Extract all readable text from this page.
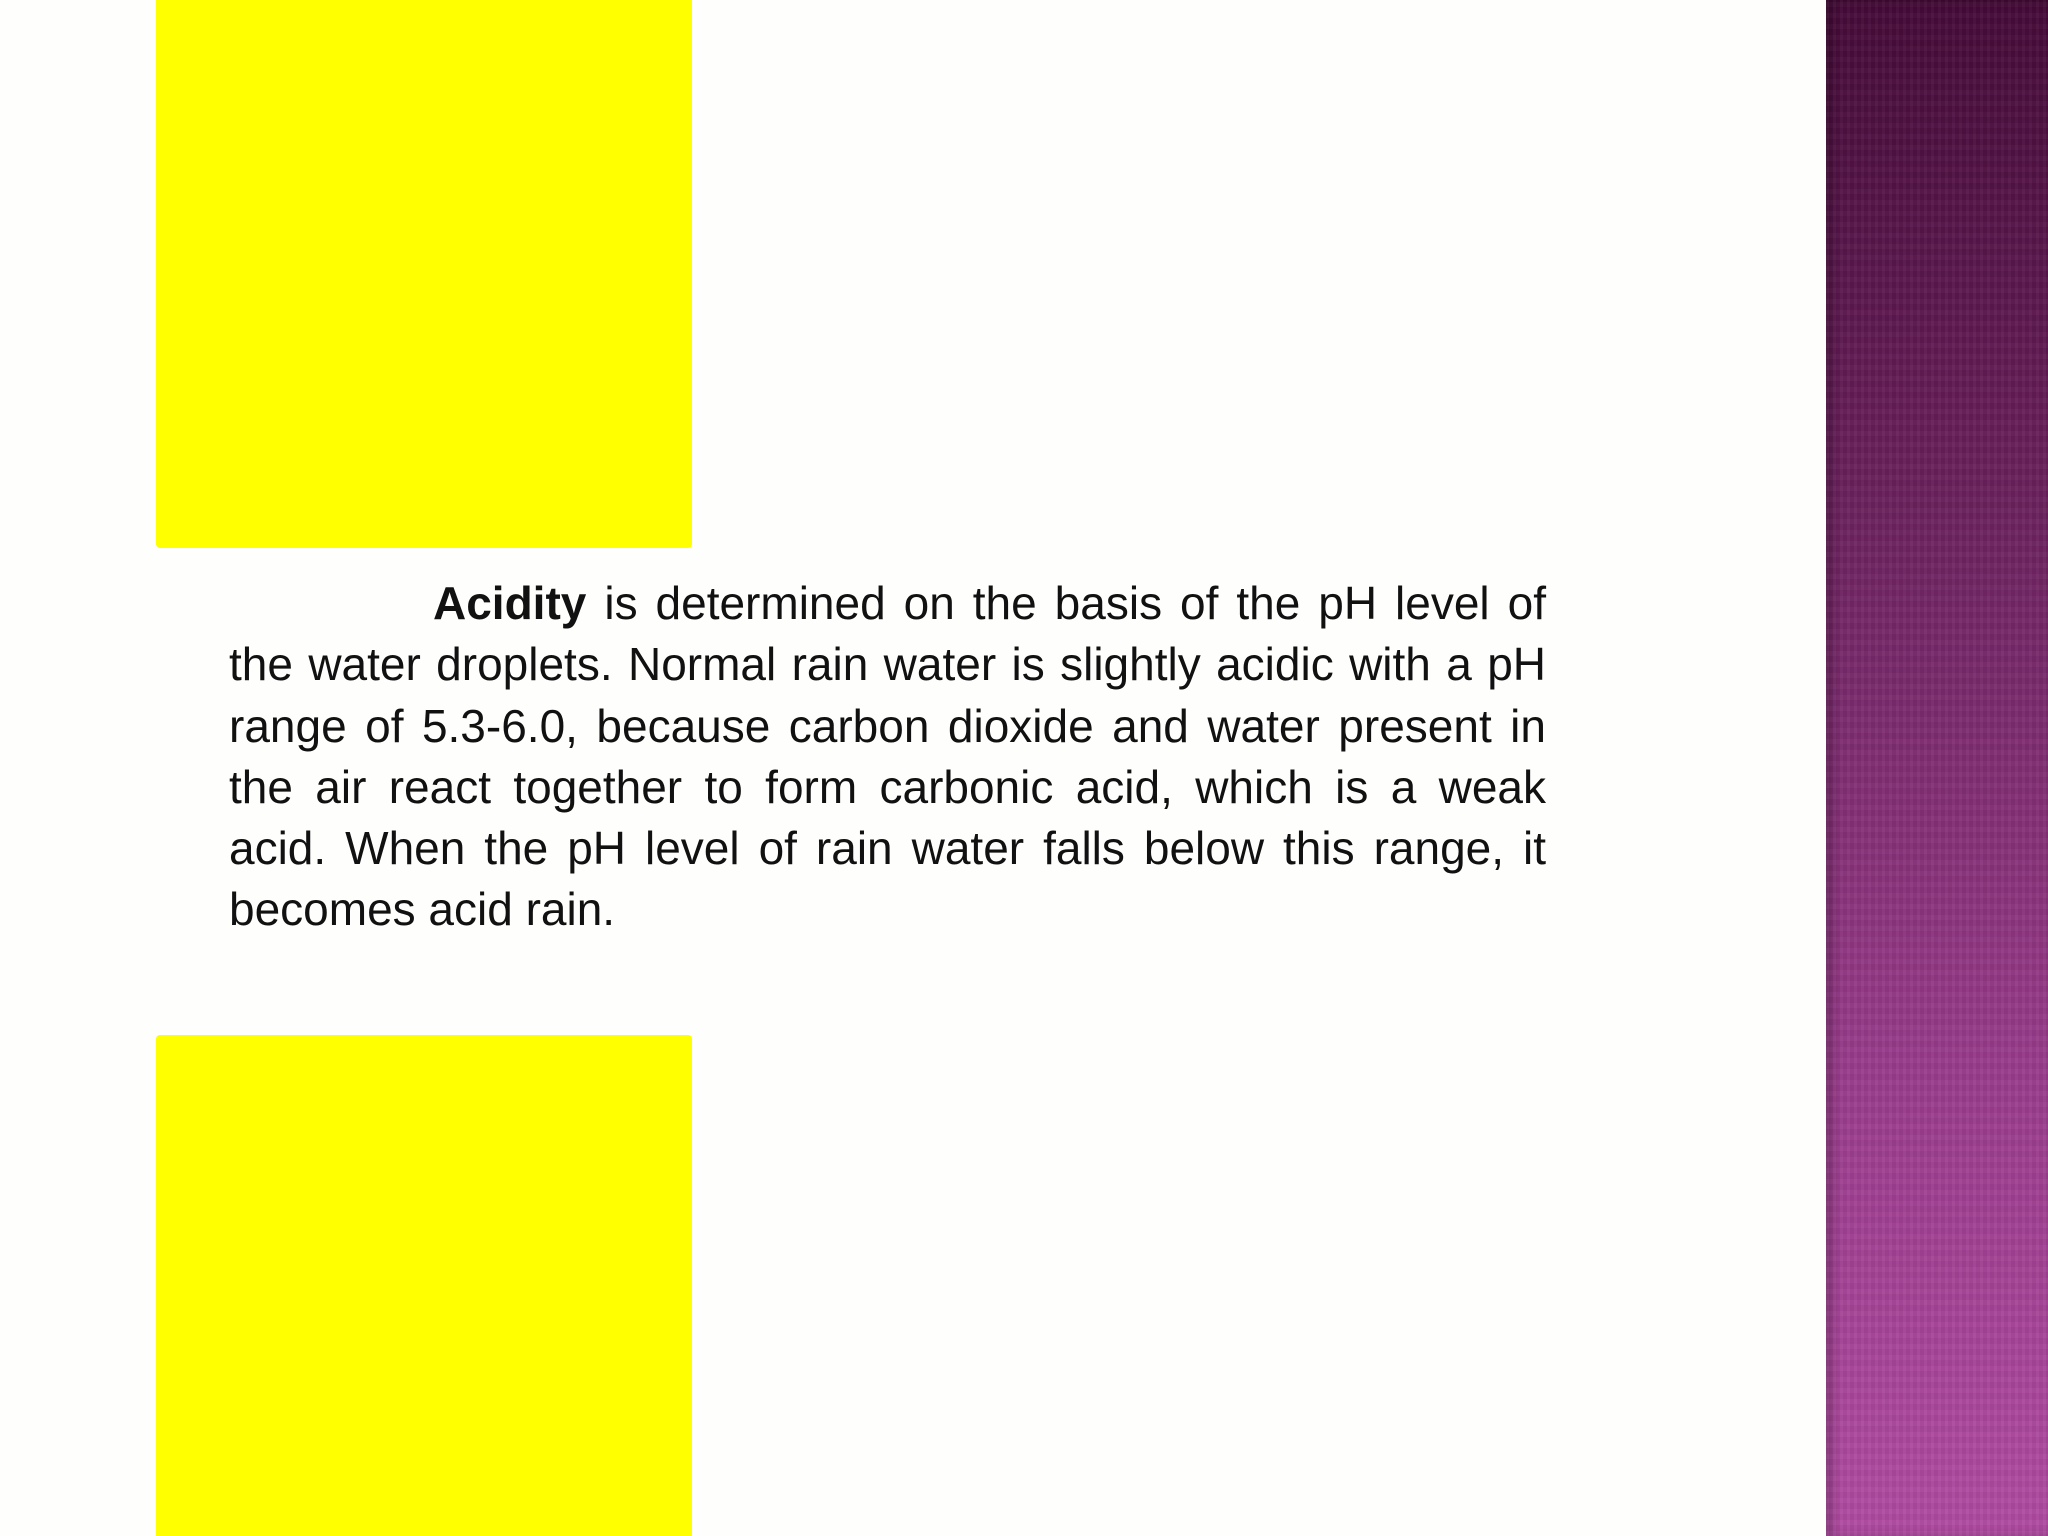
Acidity is determined on the basis of the pH level of the water droplets. Normal rain water is slightly acidic with a pH range of 5.3-6.0, because carbon dioxide and water present in the air react together to form carbonic acid, which is a weak acid. When the pH level of rain water falls below this range, it becomes acid rain.
